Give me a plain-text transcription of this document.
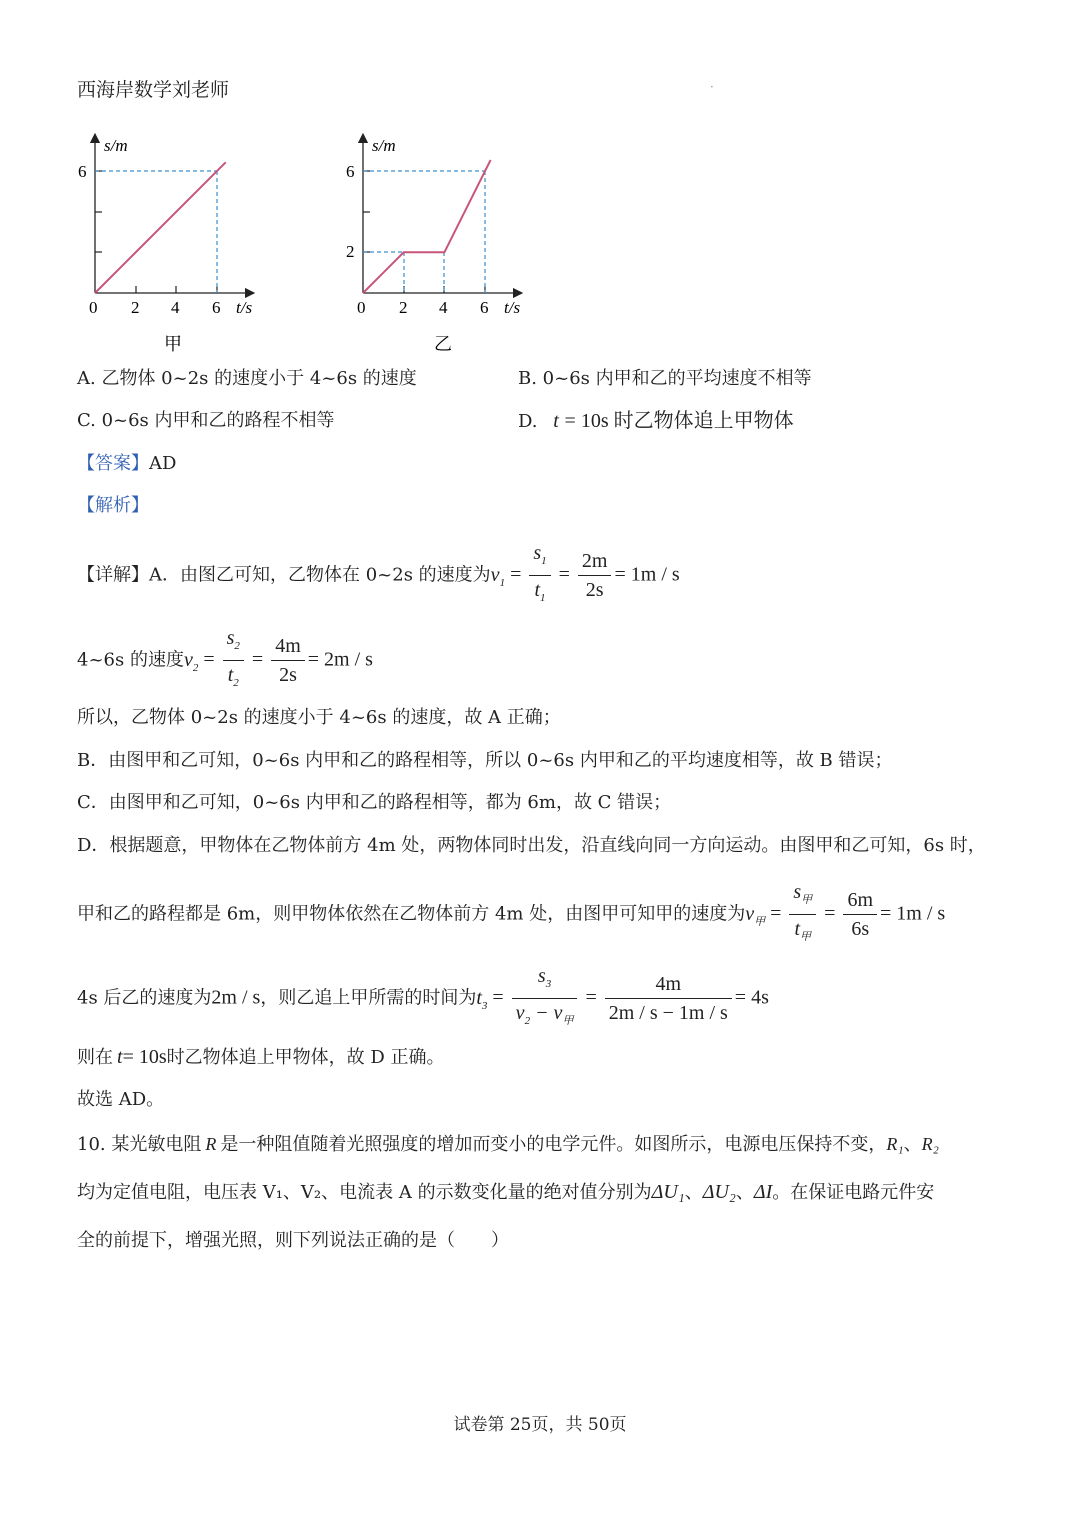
西海岸数学刘老师	·
s/m
6
0 2 4 6 t/s
甲
s/m
6
2
0 2 4 6 t/s
乙
A. 乙物体 0~2s 的速度小于 4~6s 的速度	B. 0~6s 内甲和乙的平均速度不相等
C. 0~6s 内甲和乙的路程不相等	D. t = 10s 时乙物体追上甲物体
【答案】AD
【解析】
【详解】A．由图乙可知，乙物体在 0~2s 的速度为$v_1 = \frac{s_1}{t_1} = \frac{2m}{2s} = 1m / s$
4~6s 的速度$v_2 = \frac{s_2}{t_2} = \frac{4m}{2s} = 2m / s$
所以，乙物体 0~2s 的速度小于 4~6s 的速度，故 A 正确；
B．由图甲和乙可知，0~6s 内甲和乙的路程相等，所以 0~6s 内甲和乙的平均速度相等，故 B 错误；
C．由图甲和乙可知，0~6s 内甲和乙的路程相等，都为 6m，故 C 错误；
D．根据题意，甲物体在乙物体前方 4m 处，两物体同时出发，沿直线向同一方向运动。由图甲和乙可知，6s 时，
甲和乙的路程都是 6m，则甲物体依然在乙物体前方 4m 处，由图甲可知甲的速度为$v_甲 = \frac{s_甲}{t_甲} = \frac{6m}{6s} = 1m / s$
4s 后乙的速度为2m / s，则乙追上甲所需的时间为$t_3 = \frac{s_3}{v_2 - v_甲} = \frac{4m}{2m / s - 1m / s} = 4s$
则在 t= 10s时乙物体追上甲物体，故 D 正确。
故选 AD。
10. 某光敏电阻 R 是一种阻值随着光照强度的增加而变小的电学元件。如图所示，电源电压保持不变，R₁、R₂
均为定值电阻，电压表 V₁、V₂、电流表 A 的示数变化量的绝对值分别为ΔU₁、ΔU₂、ΔI。在保证电路元件安
全的前提下，增强光照，则下列说法正确的是（　　）
试卷第 25页，共 50页
